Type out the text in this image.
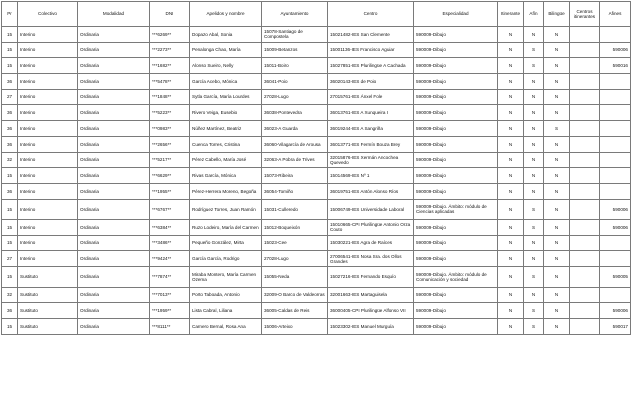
Pr	Colectivo	Modalidad	DNI	Apelidos y nombre	Ayuntamiento	Centro	Especialidad	Itinerante	Afín	Bilingüe	Centros itinerantes	Afines
15	Interino	Ordinaria	***6269**	Dopazo Abal, Sonia	15078-Santiago de Compostela	15021482-IES San Clemente	590009-Dibujo	N	N	N		
15	Interino	Ordinaria	***2273**	Penalonga Chao, María	15009-Betanzos	15001136-IES Francisco Aguiar	590009-Dibujo	N	S	N		590006
15	Interino	Ordinaria	***1682**	Alonso Sueiro, Nelly	15011-Boiro	15027851-IES Plurilingüe A Cachada	590009-Dibujo	N	S	N		590016
36	Interino	Ordinaria	***5478**	García Acebo, Mónica	36041-Poio	36020143-IES de Poio	590009-Dibujo	N	N	N		
27	Interino	Ordinaria	***1848**	Sytla García, María Lourdes	27028-Lugo	27015761-IES Ánxel Fole	590009-Dibujo	N	N	N		
36	Interino	Ordinaria	***5223**	Rivero Veiga, Eusebio	36038-Pontevedra	36013761-IES A Xunqueira I	590009-Dibujo	N	N	N		
36	Interino	Ordinaria	***0983**	Núñez Martínez, Beatriz	36023-A Guarda	36019244-IES A Sangriña	590009-Dibujo	N	N	S		
36	Interino	Ordinaria	***2656**	Cuenca Torres, Cristina	36060-Vilagarcía de Arousa	36013771-IES Fermín Bouza Brey	590009-Dibujo	N	N	N		
32	Interino	Ordinaria	***5217**	Pérez Cabello, María José	32063-A Pobra de Trives	32015876-IES Xermán Ancochea Quevedo	590009-Dibujo	N	N	N		
15	Interino	Ordinaria	***6629**	Rivas García, Mónica	15073-Ribeira	15014569-IES Nº 1	590009-Dibujo	N	N	N		
36	Interino	Ordinaria	***1955**	Pérez-Herrera Moreno, Begoña	36054-Tomiño	36019751-IES Antón Alonso Ríos	590009-Dibujo	N	N	N		
15	Interino	Ordinaria	***6767**	Rodríguez Torres, Juan Ramón	15031-Culleredo	15006749-IES Universidade Laboral	590009-Dibujo. Ámbito: módulo de Ciencias aplicadas	N	S	N		590006
15	Interino	Ordinaria	***6384**	Ruzo Lodeiro, María del Carmen	15012-Boqueixón	15010665-CPI Plurilingüe Antonio Orza Couto	590009-Dibujo	N	S	N		590006
15	Interino	Ordinaria	***3486**	Pequeño González, Mirta	15023-Cee	15030221-IES Agra de Raíces	590009-Dibujo	N	N	N		
27	Interino	Ordinaria	***9424**	García García, Rodrigo	27028-Lugo	27006541-IES Nosa Sra. dos Ollos Grandes	590009-Dibujo	N	N	N		
15	Sustituto	Ordinaria	***7874**	Miraba Montero, María Carmen Ozema	15055-Neda	15027216-IES Fernando Esquío	590009-Dibujo. Ámbito: módulo de Comunicación y sociedad	N	S	N		590005
32	Sustituto	Ordinaria	***7013**	Porto Taboada, Antonio	32009-O Barco de Valdeorras	32001663-IES Martaguisela	590009-Dibujo	N	N	N		
36	Sustituto	Ordinaria	***1959**	Lista Cabral, Liliana	36005-Caldas de Reis	36000405-CPI Plurilingüe Alfonso VII	590009-Dibujo	N	S	N		590006
15	Sustituto	Ordinaria	***8111**	Carnero Bernal, Rosa Ana	15006-Arteixo	15023302-IES Manuel Murguía	590009-Dibujo	N	S	N		590017
